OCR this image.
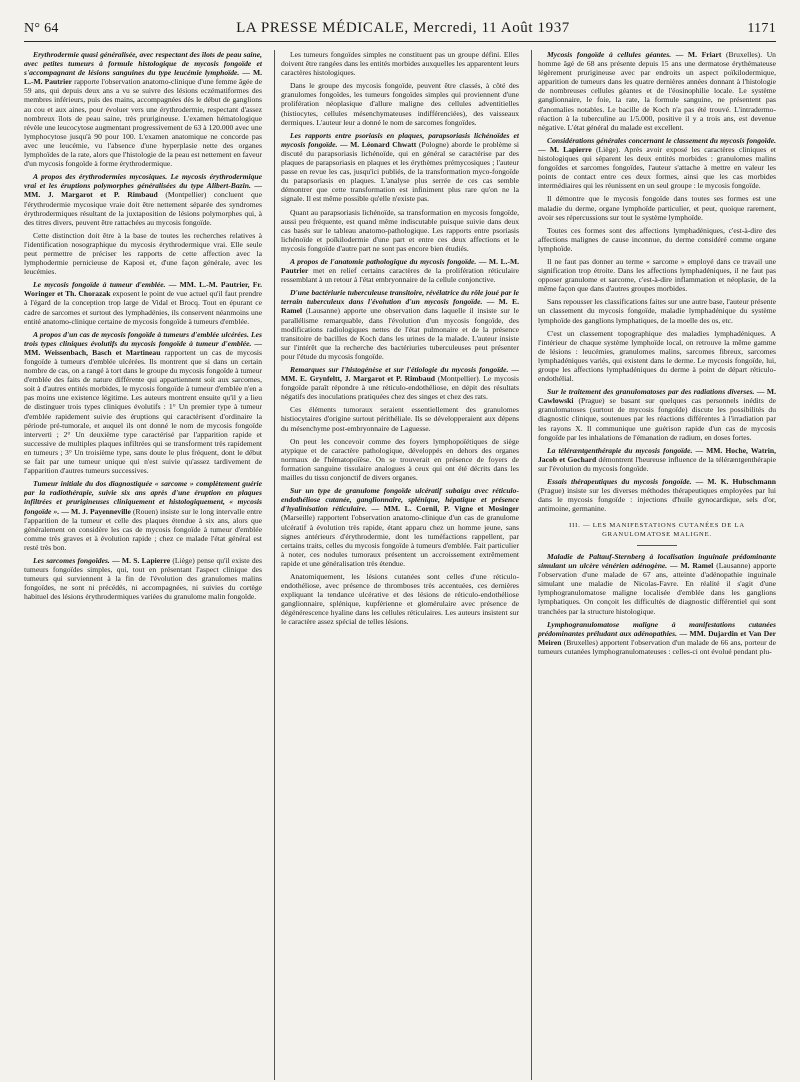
N° 64	LA PRESSE MÉDICALE, Mercredi, 11 Août 1937	1171

Erythrodermie quasi généralisée, avec respectant des îlots de peau saine, avec petites tumeurs à formule histologique de mycosis fongoïde et s'accompagnant de lésions sanguines du type leucémie lymphoïde. — M. L.-M. Pautrier rapporte l'observation anatomo-clinique d'une femme âgée de 59 ans, qui depuis deux ans a vu se suivre des lésions eczématiformes des membres inférieurs, puis des mains, accompagnées dès le début de ganglions au cou et aux aines, pour évoluer vers une érythrodermie, respectant d'assez nombreux îlots de peau saine, très prurigineuse. L'examen hématologique révèle une leucocytose augmentant progressivement de 63 à 120.000 avec une lymphocytose jusqu'à 90 pour 100. L'examen anatomique ne concorde pas avec une leucémie, vu l'absence d'une hyperplasie nette des organes lymphoïdes de la rate, alors que l'histologie de la peau est nettement en faveur d'un mycosis fongoïde à forme érythrodermique.

A propos des érythrodermies mycosiques. Le mycosis érythrodermique vrai et les éruptions polymorphes généralisées du type Alibert-Bazin. — MM. J. Margarot et P. Rimbaud (Montpellier) concluent que l'érythrodermie mycosique vraie doit être nettement séparée des syndromes érythrodermiques résultant de la juxtaposition de lésions polymorphes qui, à des titres divers, peuvent être rattachées au mycosis fongoïde.

Cette distinction doit être à la base de toutes les recherches relatives à l'identification nosographique du mycosis érythrodermique vrai. Elle seule peut permettre de préciser les rapports de cette affection avec la lymphodermie pernicieuse de Kaposi et, d'une façon générale, avec les leucémies.

Le mycosis fongoïde à tumeur d'emblée. — MM. L.-M. Pautrier, Fr. Woringer et Th. Chorazak exposent le point de vue actuel qu'il faut prendre à l'égard de la conception trop large de Vidal et Brocq. Tout en épurant ce cadre de sarcomes et surtout des lymphadénies, ils conservent néanmoins une entité anatomo-clinique certaine de mycosis fongoïde à tumeurs d'emblée.

A propos d'un cas de mycosis fongoïde à tumeurs d'emblée ulcérées. Les trois types cliniques évolutifs du mycosis fongoïde à tumeur d'emblée. — MM. Weissenbach, Basch et Martineau rapportent un cas de mycosis fongoïde à tumeurs d'emblée ulcérées. Ils montrent que si dans un certain nombre de cas, on a rangé à tort dans le groupe du mycosis fongoïde à tumeur d'emblée des faits de nature différente qui appartiennent soit aux sarcomes, soit à d'autres entités morbides, le mycosis fongoïde à tumeur d'emblée n'en a pas moins une existence légitime. Les auteurs montrent ensuite qu'il y a lieu de distinguer trois types cliniques évolutifs : 1° Un premier type à tumeur d'emblée rapidement suivie des éruptions qui caractérisent d'ordinaire la période pré-tumorale, et auquel ils ont donné le nom de mycosis fongoïde interverti ; 2° Un deuxième type caractérisé par l'apparition rapide et successive de multiples plaques infiltrées qui se transforment très rapidement en tumeurs ; 3° Un troisième type, sans doute le plus fréquent, dont le début se fait par une tumeur unique qui n'est suivie qu'assez tardivement de l'apparition d'autres tumeurs successives.

Tumeur initiale du dos diagnostiquée « sarcome » complètement guérie par la radiothérapie, suivie six ans après d'une éruption en plaques infiltrées et prurigineuses cliniquement et histologiquement, « mycosis fongoïde ». — M. J. Payenneville (Rouen) insiste sur le long intervalle entre l'apparition de la tumeur et celle des plaques étendue à six ans, alors que généralement on considère les cas de mycosis fongoïde à tumeur d'emblée comme très graves et à évolution rapide ; chez ce malade l'état général est resté très bon.

Les sarcomes fongoïdes. — M. S. Lapierre (Liège) pense qu'il existe des tumeurs fongoïdes simples, qui, tout en présentant l'aspect clinique des tumeurs qui surviennent à la fin de l'évolution des granulomes malins fongoïdes, ne sont ni précédés, ni accompagnées, ni suivies du cortège habituel des lésions érythrodermiques variées du granulome malin fongoïde.

Les tumeurs fongoïdes simples ne constituent pas un groupe défini. Elles doivent être rangées dans les entités morbides auxquelles les apparentent leurs caractères histologiques.

Dans le groupe des mycosis fongoïde, peuvent être classés, à côté des granulomes fongoïdes, les tumeurs fongoïdes simples qui proviennent d'une prolifération néoplasique d'allure maligne des cellules adventitielles (histiocytes, cellules mésenchymateuses indifférenciées), des vaisseaux dermiques. L'auteur leur a donné le nom de sarcomes fongoïdes.

Les rapports entre psoriasis en plaques, parapsoriasis lichénoïdes et mycosis fongoïde. — M. Léonard Chwatt (Pologne) aborde le problème si discuté du parapsoriasis lichénoïde, qui en général se caractérise par des plaques de parapsoriasis en plaques et les érythèmes prémycosiques ; l'auteur passe en revue les cas, jusqu'ici publiés, de la transformation myco-fongoïde du parapsoriasis en plaques. L'analyse plus serrée de ces cas semble démontrer que cette transformation est infiniment plus rare qu'on ne la signale. Il est même possible qu'elle n'existe pas.

Quant au parapsoriasis lichénoïde, sa transformation en mycosis fongoïde, aussi peu fréquente, est quand même indiscutable puisque suivie dans deux cas basés sur le tableau anatomo-pathologique. Les rapports entre psoriasis lichénoïde et poïkilodermie d'une part et entre ces deux affections et le mycosis fongoïde d'autre part ne sont pas encore bien étudiés.

A propos de l'anatomie pathologique du mycosis fongoïde. — M. L.-M. Pautrier met en relief certains caractères de la prolifération réticulaire ressemblant à un retour à l'état embryonnaire de la cellule conjonctive.

D'une bactériurie tuberculeuse transitoire, révélatrice du rôle joué par le terrain tuberculeux dans l'évolution d'un mycosis fongoïde. — M. E. Ramel (Lausanne) apporte une observation dans laquelle il insiste sur le parallélisme remarquable, dans l'évolution d'un mycosis fongoïde, des modifications radiologiques nettes de l'état pulmonaire et de la présence transitoire de bacilles de Koch dans les urines de la malade. L'auteur insiste sur l'intérêt que la recherche des bactériuries tuberculeuses peut présenter pour l'étude du mycosis fongoïde.

Remarques sur l'histogénèse et sur l'étiologie du mycosis fongoïde. — MM. E. Grynfeltt, J. Margarot et P. Rimbaud (Montpellier). Le mycosis fongoïde paraît répondre à une réticulo-endothéliose, en dépit des résultats négatifs des inoculations pratiquées chez des singes et chez des rats.

Ces éléments tumoraux seraient essentiellement des granulomes histiocytaires d'origine surtout périthéliale. Ils se développeraient aux dépens du mésenchyme post-embryonnaire de Laguesse.

On peut les concevoir comme des foyers lymphopoïétiques de siège atypique et de caractère pathologique, développés en dehors des organes normaux de l'hématopoïèse. On se trouverait en présence de foyers de formation sanguine tissulaire analogues à ceux qui ont été décrits dans les mailles du tissu conjonctif de divers organes.

Sur un type de granulome fongoïde ulcératif subaigu avec réticulo-endothéliose cutanée, ganglionnaire, splénique, hépatique et présence d'hyalinisation réticulaire. — MM. L. Cornil, P. Vigne et Mosinger (Marseille) rapportent l'observation anatomo-clinique d'un cas de granulome ulcératif à évolution très rapide, étant apparu chez un homme jeune, sans signes antérieurs d'érythrodermie, dont les tuméfactions rappellent, par certains traits, celles du mycosis fongoïde à tumeurs d'emblée. Fait particulier à noter, ces nodules tumoraux présentent un accroissement extrêmement rapide et une généralisation très étendue.

Anatomiquement, les lésions cutanées sont celles d'une réticulo-endothéliose, avec présence de thromboses très accentuées, ces dernières expliquant la tendance ulcérative et des lésions de réticulo-endothéliose ganglionnaire, splénique, kupférienne et glomérulaire avec présence de dégénérescence hyaline dans les cellules réticulaires. Les auteurs insistent sur le caractère assez spécial de telles lésions.

Mycosis fongoïde à cellules géantes. — M. Friart (Bruxelles). Un homme âgé de 68 ans présente depuis 15 ans une dermatose érythémateuse légèrement prurigineuse avec par endroits un aspect poïkilodermique, apparition de tumeurs dans les quatre dernières années donnant à l'histologie de nombreuses cellules géantes et de l'éosinophilie locale. Le système ganglionnaire, le foie, la rate, la formule sanguine, ne présentent pas d'anomalies notables. Le bacille de Koch n'a pas été trouvé. L'intradermo-réaction à la tuberculine au 1/5.000, positive il y a trois ans, est devenue négative. L'état général du malade est excellent.

Considérations générales concernant le classement du mycosis fongoïde. — M. Lapierre (Liège). Après avoir exposé les caractères cliniques et histologiques qui séparent les deux entités morbides : granulomes malins fongoïdes et sarcomes fongoïdes, l'auteur s'attache à mettre en valeur les points de contact entre ces deux formes, ainsi que les cas morbides intermédiaires qui les réunissent en un seul groupe : le mycosis fongoïde.

Il démontre que le mycosis fongoïde dans toutes ses formes est une maladie du derme, organe lymphoïde particulier, et peut, quoique rarement, avoir ses répercussions sur tout le système lymphoïde.

Toutes ces formes sont des affections lymphadéniques, c'est-à-dire des affections malignes de cause inconnue, du derme considéré comme organe lymphoïde.

Il ne faut pas donner au terme « sarcome » employé dans ce travail une signification trop étroite. Dans les affections lymphadéniques, il ne faut pas opposer granulome et sarcome, c'est-à-dire inflammation et néoplasie, de la même façon que dans d'autres groupes morbides.

Sans repousser les classifications faites sur une autre base, l'auteur présente un classement du mycosis fongoïde, maladie lymphadénique du système lymphoïde des ganglions lymphatiques, de la moelle des os, etc.

C'est un classement topographique des maladies lymphadéniques. A l'intérieur de chaque système lymphoïde local, on retrouve la même gamme de lésions : leucémies, granulomes malins, sarcomes fibreux, sarcomes lymphadéniques variés, qui existent dans le derme. Le mycosis fongoïde, lui, groupe les affections lymphadéniques du derme à point de départ réticulo-endothélial.

Sur le traitement des granulomatoses par des radiations diverses. — M. Cawlowski (Prague) se basant sur quelques cas personnels inédits de granulomatoses (surtout de mycosis fongoïde) discute les possibilités du diagnostic clinique, soutenues par les réactions différentes à l'irradiation par les rayons X. Il communique une guérison rapide d'un cas de mycosis fongoïde par les inhalations de l'émanation de radium, en doses fortes.

La téléræntgenthérapie du mycosis fongoïde. — MM. Hoche, Watrin, Jacob et Gochard démontrent l'heureuse influence de la téléræntgenthérapie sur l'évolution du mycosis fongoïde.

Essais thérapeutiques du mycosis fongoïde. — M. K. Hubschmann (Prague) insiste sur les diverses méthodes thérapeutiques employées par lui dans le mycosis fongoïde : injections d'huile gynocardique, sels d'or, antimoine, germanine.

III. — LES MANIFESTATIONS CUTANÉES DE LA GRANULOMATOSE MALIGNE.

Maladie de Paltauf-Sternberg à localisation inguinale prédominante simulant un ulcère vénérien adénogène. — M. Ramel (Lausanne) apporte l'observation d'une malade de 67 ans, atteinte d'adénopathie inguinale simulant une maladie de Nicolas-Favre. En réalité il s'agit d'une lymphogranulomatose maligne localisée d'emblée dans les ganglions lymphatiques. On conçoit les difficultés de diagnostic différentiel qui sont tranchées par la structure histologique.

Lymphogranulomatose maligne à manifestations cutanées prédominantes préludant aux adénopathies. — MM. Dujardin et Van Der Meiren (Bruxelles) apportent l'observation d'un malade de 66 ans, porteur de tumeurs cutanées lymphogranulomateuses : celles-ci ont évolué pendant plu-
